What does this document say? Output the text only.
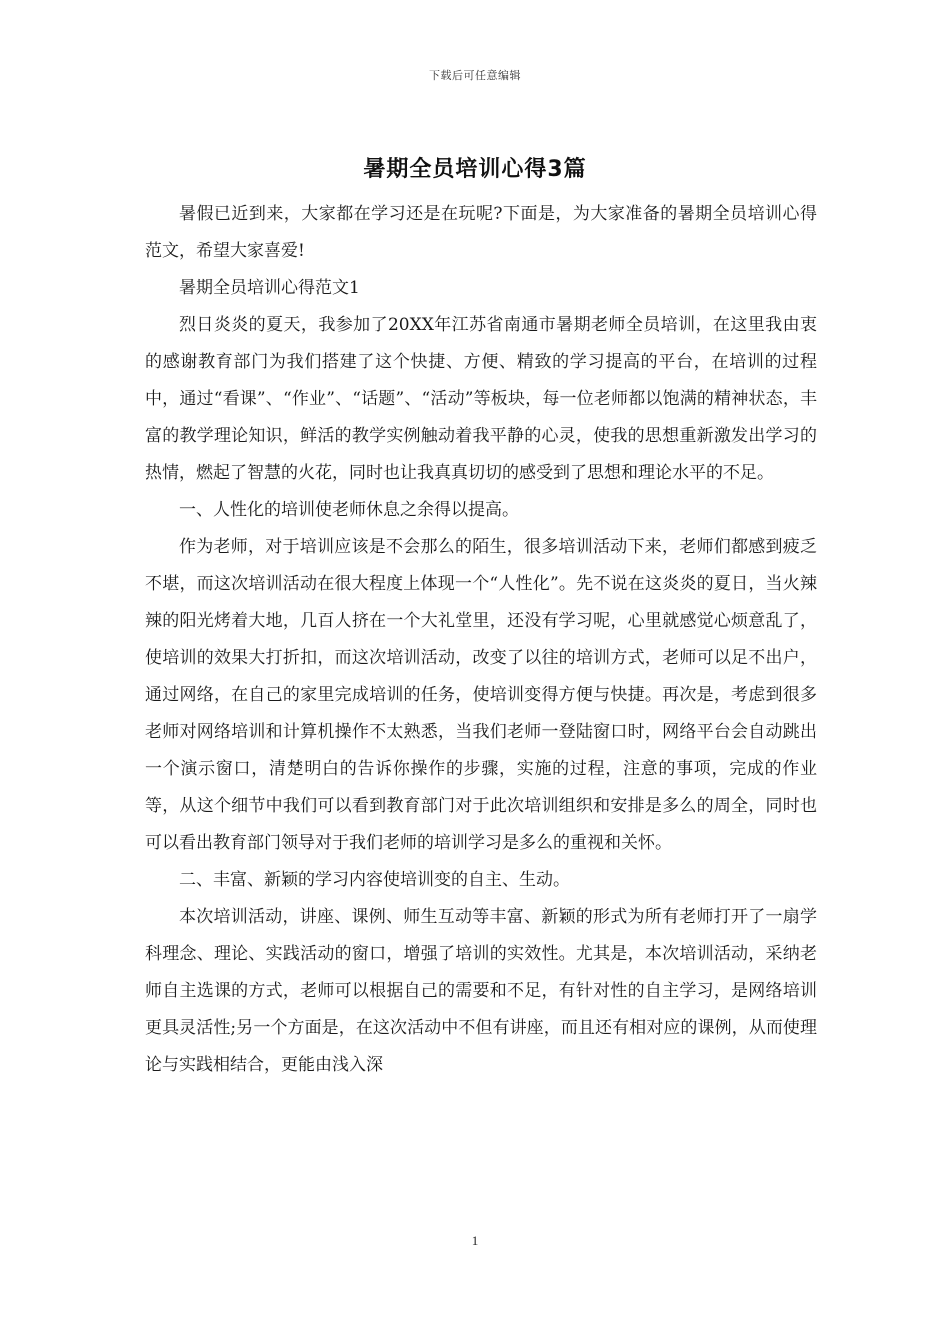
下载后可任意编辑
暑期全员培训心得3篇

暑假已近到来，大家都在学习还是在玩呢?下面是，为大家准备的暑期全员培训心得范文，希望大家喜爱!

暑期全员培训心得范文1

烈日炎炎的夏天，我参加了20XX年江苏省南通市暑期老师全员培训，在这里我由衷的感谢教育部门为我们搭建了这个快捷、方便、精致的学习提高的平台，在培训的过程中，通过“看课”、“作业”、“话题”、“活动”等板块，每一位老师都以饱满的精神状态，丰富的教学理论知识，鲜活的教学实例触动着我平静的心灵，使我的思想重新激发出学习的热情，燃起了智慧的火花，同时也让我真真切切的感受到了思想和理论水平的不足。

一、人性化的培训使老师休息之余得以提高。

作为老师，对于培训应该是不会那么的陌生，很多培训活动下来，老师们都感到疲乏不堪，而这次培训活动在很大程度上体现一个“人性化”。先不说在这炎炎的夏日，当火辣辣的阳光烤着大地，几百人挤在一个大礼堂里，还没有学习呢，心里就感觉心烦意乱了，使培训的效果大打折扣，而这次培训活动，改变了以往的培训方式，老师可以足不出户，通过网络，在自己的家里完成培训的任务，使培训变得方便与快捷。再次是，考虑到很多老师对网络培训和计算机操作不太熟悉，当我们老师一登陆窗口时，网络平台会自动跳出一个演示窗口，清楚明白的告诉你操作的步骤，实施的过程，注意的事项，完成的作业等，从这个细节中我们可以看到教育部门对于此次培训组织和安排是多么的周全，同时也可以看出教育部门领导对于我们老师的培训学习是多么的重视和关怀。

二、丰富、新颖的学习内容使培训变的自主、生动。

本次培训活动，讲座、课例、师生互动等丰富、新颖的形式为所有老师打开了一扇学科理念、理论、实践活动的窗口，增强了培训的实效性。尤其是，本次培训活动，采纳老师自主选课的方式，老师可以根据自己的需要和不足，有针对性的自主学习，是网络培训更具灵活性;另一个方面是，在这次活动中不但有讲座，而且还有相对应的课例，从而使理论与实践相结合，更能由浅入深

1
